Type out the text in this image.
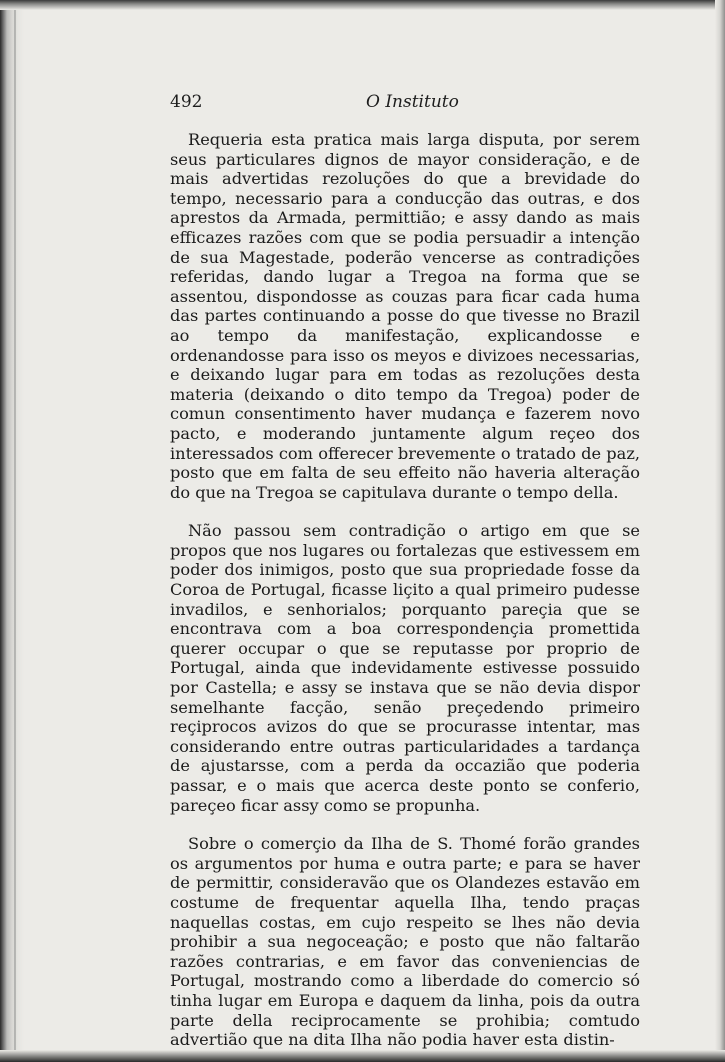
492	O Instituto

Requeria esta pratica mais larga disputa, por serem seus particulares dignos de mayor consideração, e de mais advertidas rezoluções do que a brevidade do tempo, necessario para a conducção das outras, e dos aprestos da Armada, permittião; e assy dando as mais efficazes razões com que se podia persuadir a intenção de sua Magestade, poderão vencerse as contradições referidas, dando lugar a Tregoa na forma que se assentou, dispondosse as couzas para ficar cada huma das partes continuando a posse do que tivesse no Brazil ao tempo da manifestação, explicandosse e ordenandosse para isso os meyos e divizoes necessarias, e deixando lugar para em todas as rezoluções desta materia (deixando o dito tempo da Tregoa) poder de comun consentimento haver mudança e fazerem novo pacto, e moderando juntamente algum reçeo dos interessados com offerecer brevemente o tratado de paz, posto que em falta de seu effeito não haveria alteração do que na Tregoa se capitulava durante o tempo della.

Não passou sem contradição o artigo em que se propos que nos lugares ou fortalezas que estivessem em poder dos inimigos, posto que sua propriedade fosse da Coroa de Portugal, ficasse liçito a qual primeiro pudesse invadilos, e senhorialos; porquanto pareçia que se encontrava com a boa correspondençia promettida querer occupar o que se reputasse por proprio de Portugal, ainda que indevidamente estivesse possuido por Castella; e assy se instava que se não devia dispor semelhante facção, senão preçedendo primeiro reçiprocos avizos do que se procurasse intentar, mas considerando entre outras particularidades a tardança de ajustarsse, com a perda da occazião que poderia passar, e o mais que acerca deste ponto se conferio, pareçeo ficar assy como se propunha.

Sobre o comerçio da Ilha de S. Thomé forão grandes os argumentos por huma e outra parte; e para se haver de permittir, consideravão que os Olandezes estavão em costume de frequentar aquella Ilha, tendo praças naquellas costas, em cujo respeito se lhes não devia prohibir a sua negoceação; e posto que não faltarão razões contrarias, e em favor das conveniencias de Portugal, mostrando como a liberdade do comercio só tinha lugar em Europa e daquem da linha, pois da outra parte della reciprocamente se prohibia; comtudo advertião que na dita Ilha não podia haver esta distin-
